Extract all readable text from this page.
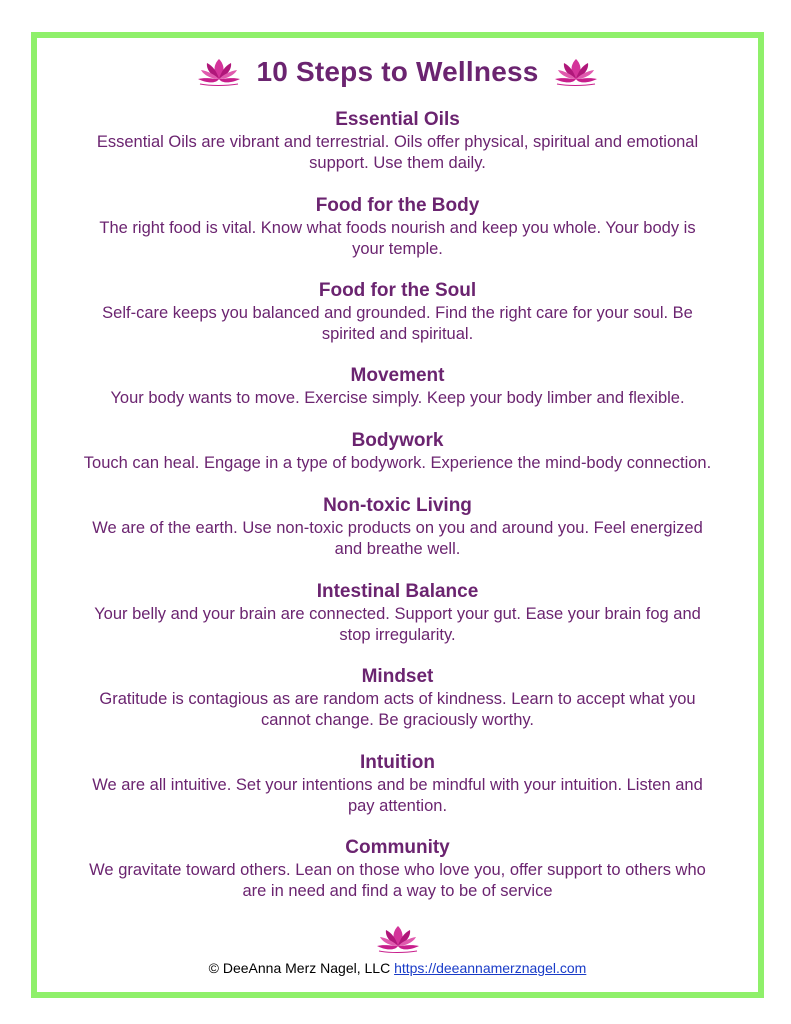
10 Steps to Wellness
Essential Oils

Essential Oils are vibrant and terrestrial. Oils offer physical, spiritual and emotional

support. Use them daily.

Food for the Body

The right food is vital. Know what foods nourish and keep you whole. Your body is

your temple.

Food for the Soul

Self-care keeps you balanced and grounded. Find the right care for your soul. Be

spirited and spiritual.

Movement

Your body wants to move. Exercise simply. Keep your body limber and flexible.

Bodywork

Touch can heal. Engage in a type of bodywork. Experience the mind-body connection.

Non-toxic Living

We are of the earth. Use non-toxic products on you and around you. Feel energized

and breathe well.

Intestinal Balance

Your belly and your brain are connected. Support your gut. Ease your brain fog and

stop irregularity.

Mindset

Gratitude is contagious as are random acts of kindness. Learn to accept what you

cannot change. Be graciously worthy.

Intuition

We are all intuitive. Set your intentions and be mindful with your intuition. Listen and

pay attention.

Community

We gravitate toward others. Lean on those who love you, offer support to others who

are in need and find a way to be of service

© DeeAnna Merz Nagel, LLC https://deeannamerznagel.com
